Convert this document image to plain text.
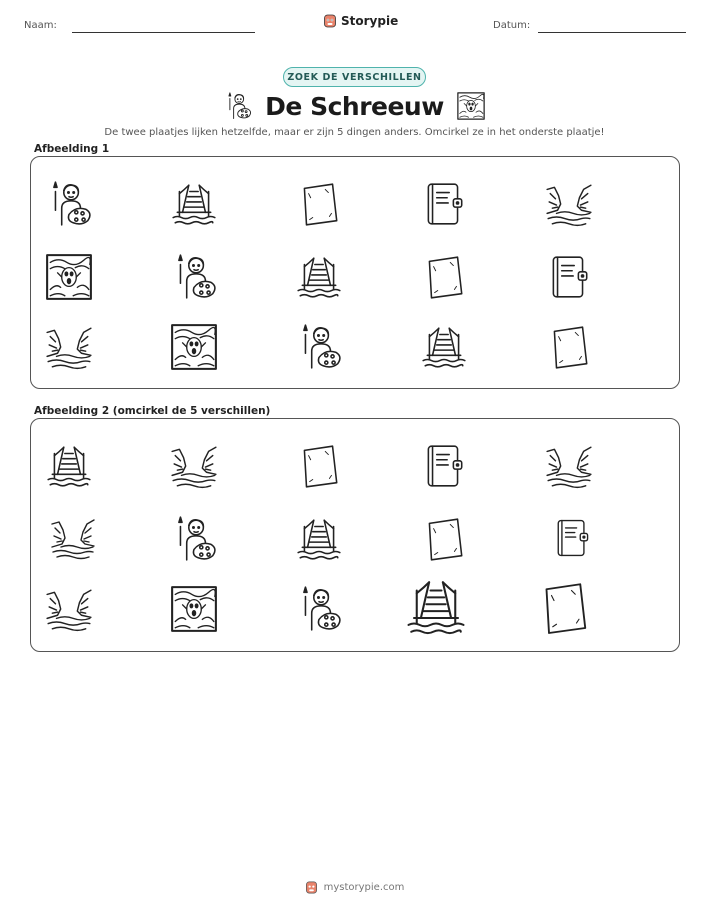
Naam:	Datum:
Storypie
ZOEK DE VERSCHILLEN
De Schreeuw
De twee plaatjes lijken hetzelfde, maar er zijn 5 dingen anders. Omcirkel ze in het onderste plaatje!
Afbeelding 1
Afbeelding 2 (omcirkel de 5 verschillen)
mystorypie.com
